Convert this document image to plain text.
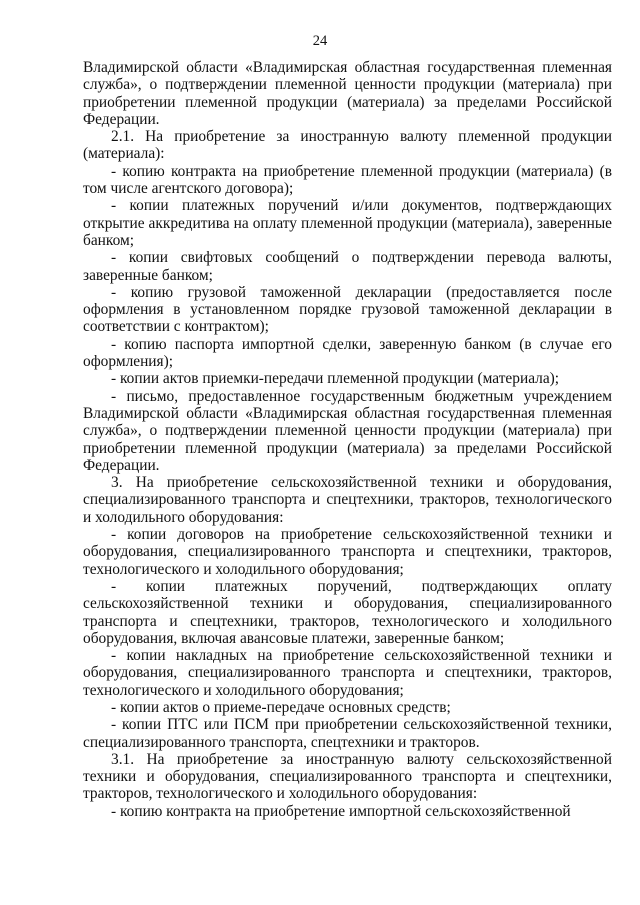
24

Владимирской области «Владимирская областная государственная племенная служба», о подтверждении племенной ценности продукции (материала) при приобретении племенной продукции (материала) за пределами Российской Федерации.

2.1. На приобретение за иностранную валюту племенной продукции (материала):

- копию контракта на приобретение племенной продукции (материала) (в том числе агентского договора);

- копии платежных поручений и/или документов, подтверждающих открытие аккредитива на оплату племенной продукции (материала), заверенные банком;

- копии свифтовых сообщений о подтверждении перевода валюты, заверенные банком;

- копию грузовой таможенной декларации (предоставляется после оформления в установленном порядке грузовой таможенной декларации в соответствии с контрактом);

- копию паспорта импортной сделки, заверенную банком (в случае его оформления);

- копии актов приемки-передачи племенной продукции (материала);

- письмо, предоставленное государственным бюджетным учреждением Владимирской области «Владимирская областная государственная племенная служба», о подтверждении племенной ценности продукции (материала) при приобретении племенной продукции (материала) за пределами Российской Федерации.

3. На приобретение сельскохозяйственной техники и оборудования, специализированного транспорта и спецтехники, тракторов, технологического и холодильного оборудования:

- копии договоров на приобретение сельскохозяйственной техники и оборудования, специализированного транспорта и спецтехники, тракторов, технологического и холодильного оборудования;

- копии платежных поручений, подтверждающих оплату сельскохозяйственной техники и оборудования, специализированного транспорта и спецтехники, тракторов, технологического и холодильного оборудования, включая авансовые платежи, заверенные банком;

- копии накладных на приобретение сельскохозяйственной техники и оборудования, специализированного транспорта и спецтехники, тракторов, технологического и холодильного оборудования;

- копии актов о приеме-передаче основных средств;

- копии ПТС или ПСМ при приобретении сельскохозяйственной техники, специализированного транспорта, спецтехники и тракторов.

3.1. На приобретение за иностранную валюту сельскохозяйственной техники и оборудования, специализированного транспорта и спецтехники, тракторов, технологического и холодильного оборудования:

- копию контракта на приобретение импортной сельскохозяйственной
